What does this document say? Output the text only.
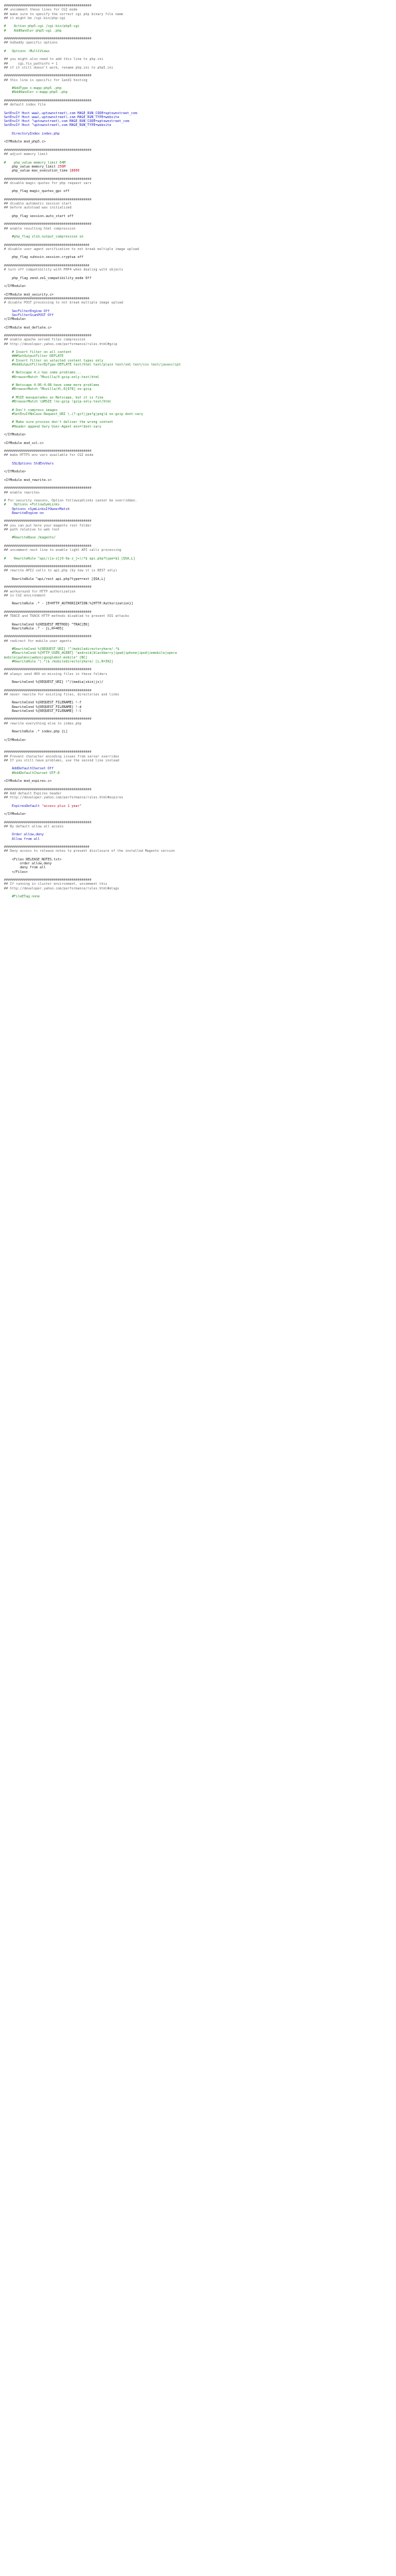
############################################
## uncomment these lines for CGI mode
## make sure to specify the correct cgi php binary file name
## it might be /cgi-bin/php-cgi
#    Action php5-cgi /cgi-bin/php5-cgi
#    AddHandler php5-cgi .php
############################################
## GoDaddy specific options
#   Options -MultiViews
## you might also need to add this line to php.ini
##     cgi.fix_pathinfo = 1
## if it still doesn't work, rename php.ini to php5.ini
############################################
## this line is specific for 1and1 hosting
#AddType x-mapp-php5 .php
#AddHandler x-mapp-php5 .php
############################################
## default index file
SetEnvIf Host www\.uptownstreet\.com MAGE_RUN_CODE=uptownstreet_com
SetEnvIf Host www\.uptownstreet\.com MAGE_RUN_TYPE=website
SetEnvIf Host ^uptownstreet\.com MAGE_RUN_CODE=uptownstreet_com
SetEnvIf Host ^uptownstreet\.com MAGE_RUN_TYPE=website
DirectoryIndex index.php
<IfModule mod_php5.c>
############################################
## adjust memory limit
#    php_value memory_limit 64M
php_value memory_limit 256M
php_value max_execution_time 18000
############################################
## disable magic quotes for php request vars
php_flag magic_quotes_gpc off
############################################
## disable automatic session start
## before autoload was initialized
php_flag session.auto_start off
############################################
## enable resulting html compression
#php_flag zlib.output_compression on
###########################################
# disable user agent verification to not break multiple image upload
php_flag suhosin.session.cryptua off
###########################################
# turn off compatibility with PHP4 when dealing with objects
php_flag zend.ze1_compatibility_mode Off
</IfModule>
<IfModule mod_security.c>
###########################################
# disable POST processing to not break multiple image upload
SecFilterEngine Off
SecFilterScanPOST Off
</IfModule>
<IfModule mod_deflate.c>
############################################
## enable apache served files compression
## http://developer.yahoo.com/performance/rules.html#gzip
# Insert filter on all content
###SetOutputFilter DEFLATE
# Insert filter on selected content types only
#AddOutputFilterByType DEFLATE text/html text/plain text/xml text/css text/javascript
# Netscape 4.x has some problems...
#BrowserMatch ^Mozilla/4 gzip-only-text/html
# Netscape 4.06-4.08 have some more problems
#BrowserMatch ^Mozilla/4\.0[678] no-gzip
# MSIE masquerades as Netscape, but it is fine
#BrowserMatch \bMSIE !no-gzip !gzip-only-text/html
# Don't compress images
#SetEnvIfNoCase Request_URI \.(?:gif|jpe?g|png)$ no-gzip dont-vary
# Make sure proxies don't deliver the wrong content
#Header append Vary User-Agent env=!dont-vary
</IfModule>
<IfModule mod_ssl.c>
############################################
## make HTTPS env vars available for CGI mode
SSLOptions StdEnvVars
</IfModule>
<IfModule mod_rewrite.c>
############################################
## enable rewrites
# For security reasons, Option followsymlinks cannot be overridden.
#    Options +FollowSymLinks
Options +SymLinksIfOwnerMatch
RewriteEngine on
############################################
## you can put here your magento root folder
## path relative to web root
#RewriteBase /magento/
############################################
## uncomment next line to enable light API calls processing
#    RewriteRule ^api/([a-z][0-9a-z_]+)/?$ api.php?type=$1 [QSA,L]
############################################
## rewrite API2 calls to api.php (by now it is REST only)
RewriteRule ^api/rest api.php?type=rest [QSA,L]
############################################
## workaround for HTTP authorization
## in CGI environment
RewriteRule .* - [E=HTTP_AUTHORIZATION:%{HTTP:Authorization}]
############################################
## TRACE and TRACK HTTP methods disabled to prevent XSS attacks
RewriteCond %{REQUEST_METHOD} ^TRAC[EK]
RewriteRule .* - [L,R=405]
############################################
## redirect for mobile user agents
#RewriteCond %{REQUEST_URI} !^/mobiledirectoryhere/.*$
#RewriteCond %{HTTP_USER_AGENT} "android|blackberry|ipad|iphone|ipod|iemobile|opera
mobile|palmos|webos|googlebot-mobile" [NC]
#RewriteRule ^(.*)$ /mobiledirectoryhere/ [L,R=302]
############################################
## always send 404 on missing files in these folders
RewriteCond %{REQUEST_URI} !^/(media|skin|js)/
############################################
## never rewrite for existing files, directories and links
RewriteCond %{REQUEST_FILENAME} !-f
RewriteCond %{REQUEST_FILENAME} !-d
RewriteCond %{REQUEST_FILENAME} !-l
############################################
## rewrite everything else to index.php
RewriteRule .* index.php [L]
</IfModule>
############################################
## Prevent character encoding issues from server overrides
## If you still have problems, use the second line instead
AddDefaultCharset Off
#AddDefaultCharset UTF-8
<IfModule mod_expires.c>
############################################
## Add default Expires header
## http://developer.yahoo.com/performance/rules.html#expires
ExpiresDefault "access plus 1 year"
</IfModule>
############################################
## By default allow all access
Order allow,deny
Allow from all
###########################################
## Deny access to release notes to prevent disclosure of the installed Magento version
<Files RELEASE_NOTES.txt>
order allow,deny
deny from all
</Files>
############################################
## If running in cluster environment, uncomment this
## http://developer.yahoo.com/performance/rules.html#etags
#FileETag none
